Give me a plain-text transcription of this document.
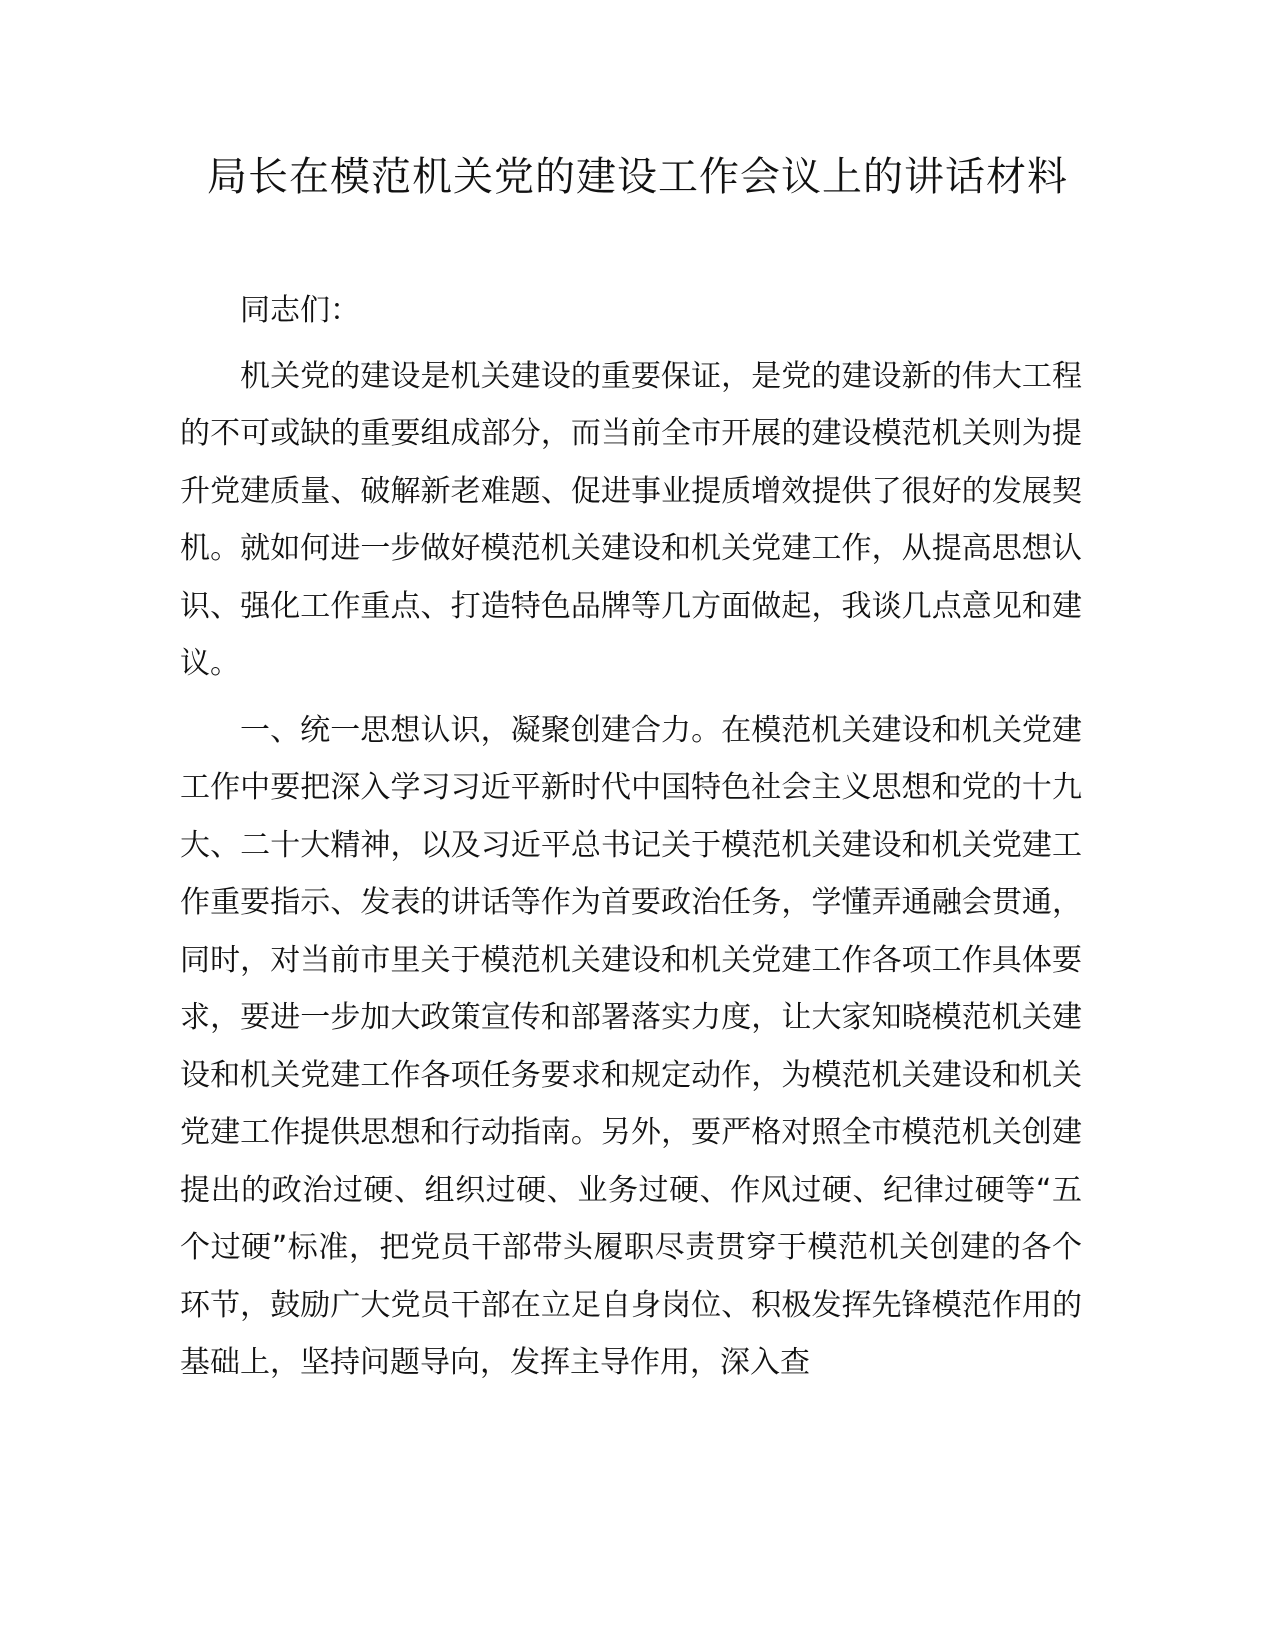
局长在模范机关党的建设工作会议上的讲话材料

同志们：

机关党的建设是机关建设的重要保证，是党的建设新的伟大工程的不可或缺的重要组成部分，而当前全市开展的建设模范机关则为提升党建质量、破解新老难题、促进事业提质增效提供了很好的发展契机。就如何进一步做好模范机关建设和机关党建工作，从提高思想认识、强化工作重点、打造特色品牌等几方面做起，我谈几点意见和建议。

一、统一思想认识，凝聚创建合力。在模范机关建设和机关党建工作中要把深入学习习近平新时代中国特色社会主义思想和党的十九大、二十大精神，以及习近平总书记关于模范机关建设和机关党建工作重要指示、发表的讲话等作为首要政治任务，学懂弄通融会贯通，同时，对当前市里关于模范机关建设和机关党建工作各项工作具体要求，要进一步加大政策宣传和部署落实力度，让大家知晓模范机关建设和机关党建工作各项任务要求和规定动作，为模范机关建设和机关党建工作提供思想和行动指南。另外，要严格对照全市模范机关创建提出的政治过硬、组织过硬、业务过硬、作风过硬、纪律过硬等“五个过硬”标准，把党员干部带头履职尽责贯穿于模范机关创建的各个环节，鼓励广大党员干部在立足自身岗位、积极发挥先锋模范作用的基础上，坚持问题导向，发挥主导作用，深入查
